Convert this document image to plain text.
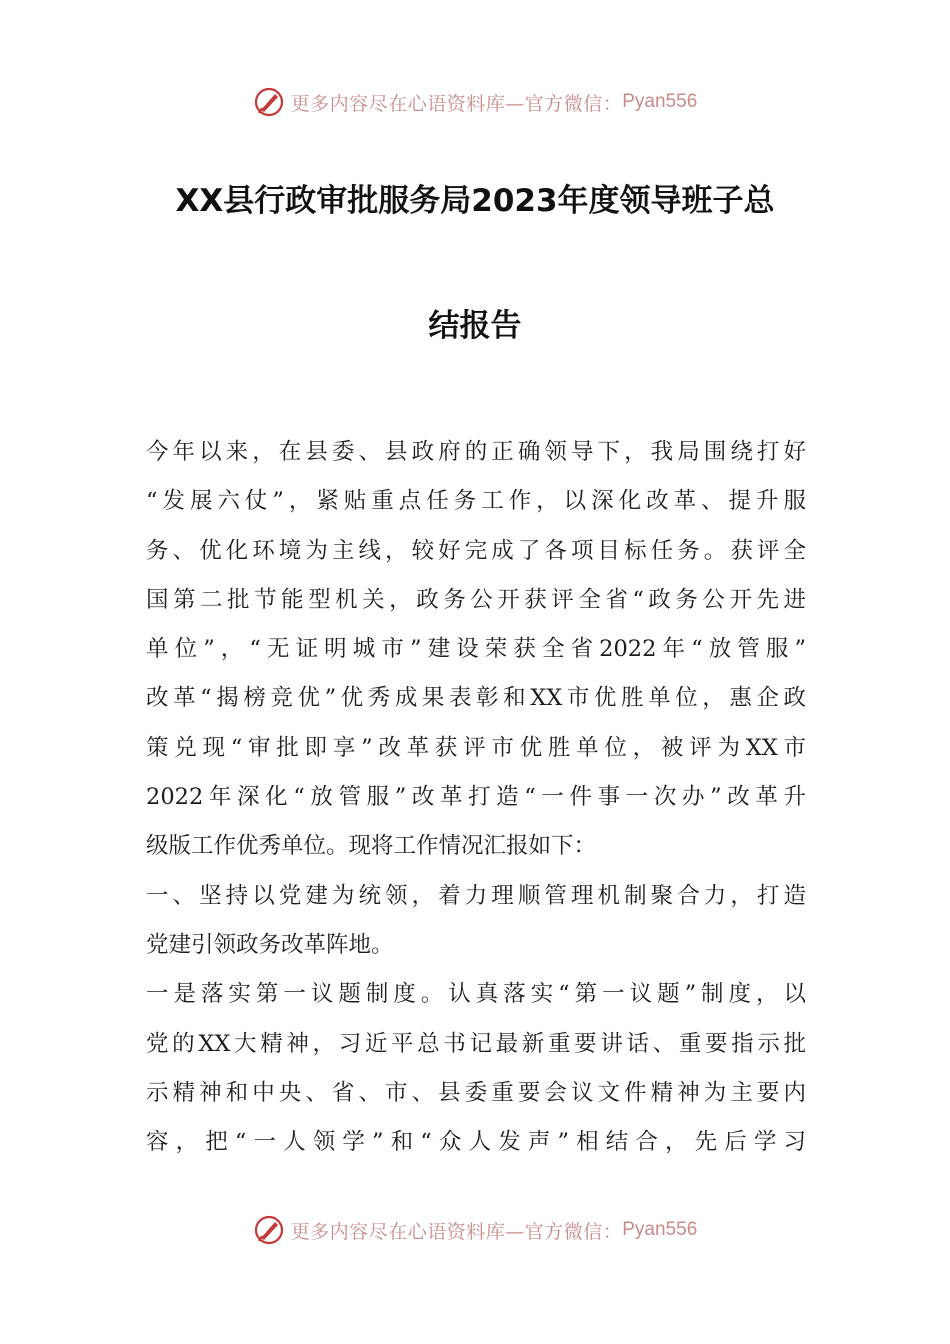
更多内容尽在心语资料库—官方微信： Pyan556
XX县行政审批服务局2023年度领导班子总
结报告
今年以来，在县委、县政府的正确领导下，我局围绕打好
“发展六仗”，紧贴重点任务工作，以深化改革、提升服
务、优化环境为主线，较好完成了各项目标任务。获评全
国第二批节能型机关，政务公开获评全省“政务公开先进
单位”，“无证明城市”建设荣获全省2022年“放管服”
改革“揭榜竞优”优秀成果表彰和XX市优胜单位，惠企政
策兑现“审批即享”改革获评市优胜单位，被评为XX市
2022年深化“放管服”改革打造“一件事一次办”改革升
级版工作优秀单位。现将工作情况汇报如下：
一、坚持以党建为统领，着力理顺管理机制聚合力，打造
党建引领政务改革阵地。
一是落实第一议题制度。认真落实“第一议题”制度，以
党的XX大精神，习近平总书记最新重要讲话、重要指示批
示精神和中央、省、市、县委重要会议文件精神为主要内
容，把“一人领学”和“众人发声”相结合，先后学习
更多内容尽在心语资料库—官方微信： Pyan556
